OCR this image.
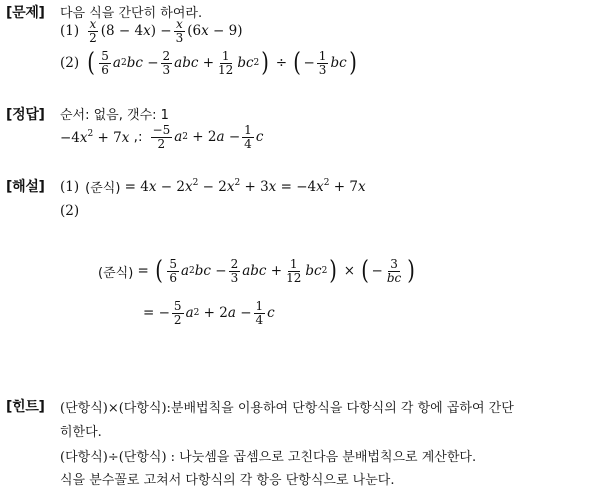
[문제] 다음 식을 간단히 하여라.
$(1) \frac{x}{2} (8 - 4x) - \frac{x}{3} (6x - 9)$
(2) ( $\frac{5}{6}$ a 2 bc − $\frac{2}{3}$ abc + $\frac{1}{12}$ bc 2 ) ÷ ( − $\frac{1}{3}$ bc )
[정답] 순서: 없음, 갯수: 1
$-4x^2 + 7x$ ,: $\frac{-5}{2}$ a $2 + 2a - \frac{1}{4}$ c
[해설] (1) (준식) = $4x - 2x^2 - 2x^2 + 3x = -4x^2 + 7x$
(2)
(준식) = ( $\frac{5}{6}$ a 2 bc − $\frac{2}{3}$ abc + $\frac{1}{12}$ bc 2 ) × ( − $\frac{3}{bc}$ )
= − $\frac{5}{2}$ a $2 + 2a - \frac{1}{4}$ c
[힌트] (단항식)×(다항식):분배법칙을 이용하여 단항식을 다항식의 각 항에 곱하여 간단
히한다.
(다항식)÷(단항식) : 나눗셈을 곱셈으로 고친다음 분배법칙으로 계산한다.
식을 분수꼴로 고쳐서 다항식의 각 항응 단항식으로 나눈다.
